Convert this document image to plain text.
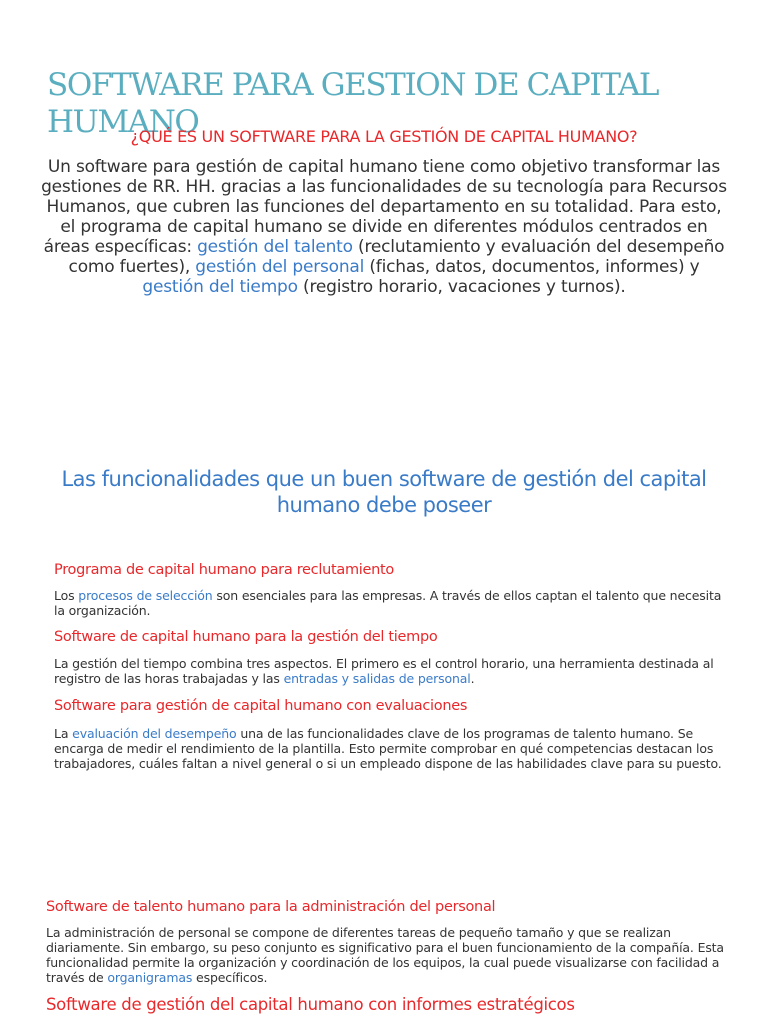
SOFTWARE PARA GESTION DE CAPITAL HUMANO
¿QUÉ ES UN SOFTWARE PARA LA GESTIÓN DE CAPITAL HUMANO?

Un software para gestión de capital humano tiene como objetivo transformar las gestiones de RR. HH. gracias a las funcionalidades de su tecnología para Recursos Humanos, que cubren las funciones del departamento en su totalidad. Para esto, el programa de capital humano se divide en diferentes módulos centrados en áreas específicas: gestión del talento (reclutamiento y evaluación del desempeño como fuertes), gestión del personal (fichas, datos, documentos, informes) y gestión del tiempo (registro horario, vacaciones y turnos).

Las funcionalidades que un buen software de gestión del capital humano debe poseer
Programa de capital humano para reclutamiento

Los procesos de selección son esenciales para las empresas. A través de ellos captan el talento que necesita la organización.

Software de capital humano para la gestión del tiempo

La gestión del tiempo combina tres aspectos. El primero es el control horario, una herramienta destinada al registro de las horas trabajadas y las entradas y salidas de personal.

Software para gestión de capital humano con evaluaciones

La evaluación del desempeño una de las funcionalidades clave de los programas de talento humano. Se encarga de medir el rendimiento de la plantilla. Esto permite comprobar en qué competencias destacan los trabajadores, cuáles faltan a nivel general o si un empleado dispone de las habilidades clave para su puesto.

Software de talento humano para la administración del personal

La administración de personal se compone de diferentes tareas de pequeño tamaño y que se realizan diariamente. Sin embargo, su peso conjunto es significativo para el buen funcionamiento de la compañía. Esta funcionalidad permite la organización y coordinación de los equipos, la cual puede visualizarse con facilidad a través de organigramas específicos.

Software de gestión del capital humano con informes estratégicos
